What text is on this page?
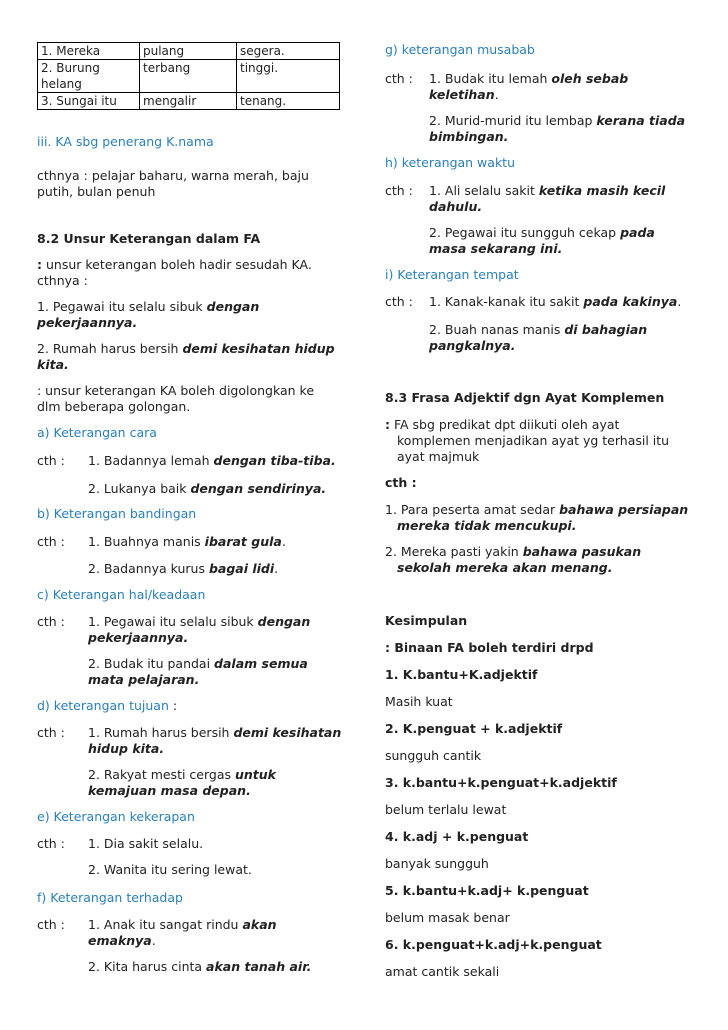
1. Mereka	pulang	segera.
2. Burung helang	terbang	tinggi.
3. Sungai itu	mengalir	tenang.
iii. KA sbg penerang K.nama
cthnya : pelajar baharu, warna merah, baju
putih, bulan penuh
8.2 Unsur Keterangan dalam FA
: unsur keterangan boleh hadir sesudah KA.
cthnya :
1. Pegawai itu selalu sibuk dengan
pekerjaannya.
2. Rumah harus bersih demi kesihatan hidup
kita.
: unsur keterangan KA boleh digolongkan ke
dlm beberapa golongan.
a) Keterangan cara
cth : 1. Badannya lemah dengan tiba-tiba.
2. Lukanya baik dengan sendirinya.
b) Keterangan bandingan
cth : 1. Buahnya manis ibarat gula.
2. Badannya kurus bagai lidi.
c) Keterangan hal/keadaan
cth : 1. Pegawai itu selalu sibuk dengan
pekerjaannya.
2. Budak itu pandai dalam semua
mata pelajaran.
d) keterangan tujuan :
cth : 1. Rumah harus bersih demi kesihatan
hidup kita.
2. Rakyat mesti cergas untuk
kemajuan masa depan.
e) Keterangan kekerapan
cth : 1. Dia sakit selalu.
2. Wanita itu sering lewat.
f) Keterangan terhadap
cth : 1. Anak itu sangat rindu akan
emaknya.
2. Kita harus cinta akan tanah air.
g) keterangan musabab
cth : 1. Budak itu lemah oleh sebab
keletihan.
2. Murid-murid itu lembap kerana tiada
bimbingan.
h) keterangan waktu
cth : 1. Ali selalu sakit ketika masih kecil
dahulu.
2. Pegawai itu sungguh cekap pada
masa sekarang ini.
i) Keterangan tempat
cth : 1. Kanak-kanak itu sakit pada kakinya.
2. Buah nanas manis di bahagian
pangkalnya.
8.3 Frasa Adjektif dgn Ayat Komplemen
: FA sbg predikat dpt diikuti oleh ayat
komplemen menjadikan ayat yg terhasil itu
ayat majmuk
cth :
1. Para peserta amat sedar bahawa persiapan
mereka tidak mencukupi.
2. Mereka pasti yakin bahawa pasukan
sekolah mereka akan menang.
Kesimpulan
: Binaan FA boleh terdiri drpd
1. K.bantu+K.adjektif
Masih kuat
2. K.penguat + k.adjektif
sungguh cantik
3. k.bantu+k.penguat+k.adjektif
belum terlalu lewat
4. k.adj + k.penguat
banyak sungguh
5. k.bantu+k.adj+ k.penguat
belum masak benar
6. k.penguat+k.adj+k.penguat
amat cantik sekali
